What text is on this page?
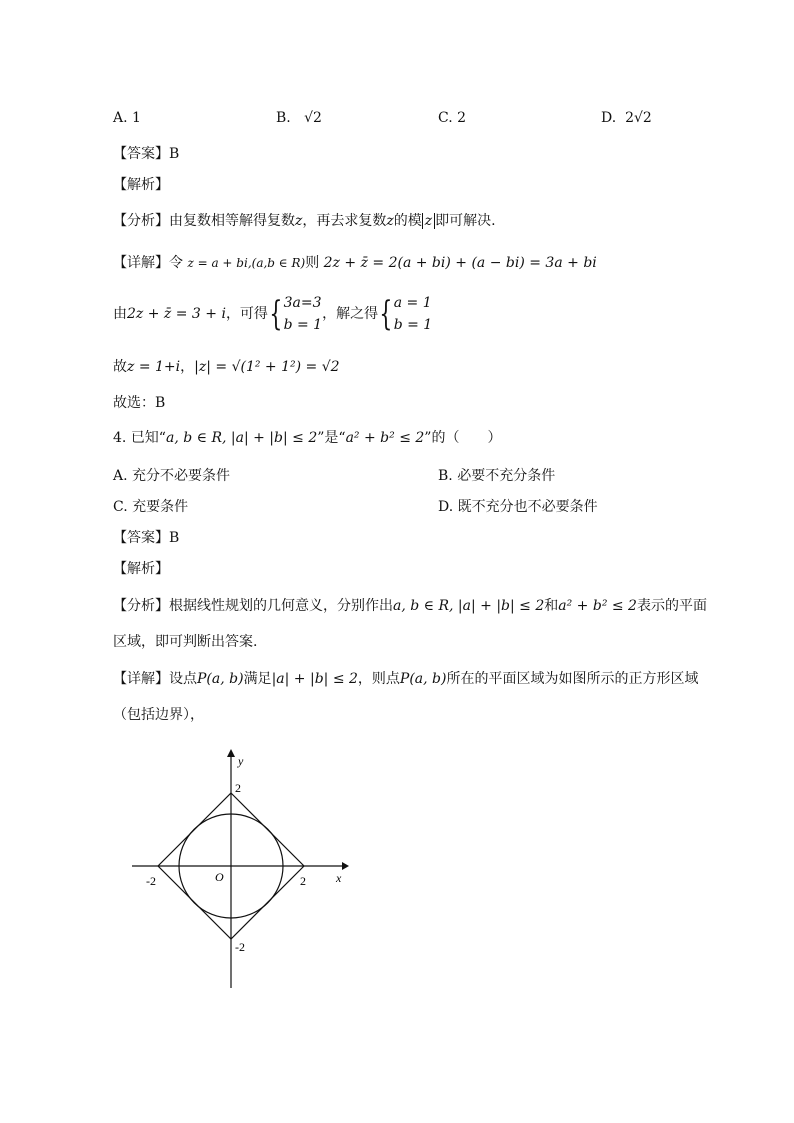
A. 1	B. √2	C. 2	D. 2√2
【答案】B
【解析】
【分析】由复数相等解得复数z，再去求复数z的模 z 即可解决.
【详解】令 z = a + bi,(a,b ∈ R)则 2z + z̄ = 2(a + bi) + (a − bi) = 3a + bi
由2z + z̄ = 3 + i，可得{ 3a=3
b = 1
，解之得{ a = 1
b = 1
故z = 1+i，|z| = √(1² + 1²) = √2
故选：B
4. 已知“a, b ∈ R, |a| + |b| ≤ 2”是“a² + b² ≤ 2”的（　　）
A. 充分不必要条件	B. 必要不充分条件
C. 充要条件	D. 既不充分也不必要条件
【答案】B
【解析】
【分析】根据线性规划的几何意义，分别作出a, b ∈ R, |a| + |b| ≤ 2和a² + b² ≤ 2表示的平面
区域，即可判断出答案.
【详解】设点P(a, b)满足|a| + |b| ≤ 2，则点P(a, b)所在的平面区域为如图所示的正方形区域
（包括边界），
y
x
O	2
-2
2
-2
